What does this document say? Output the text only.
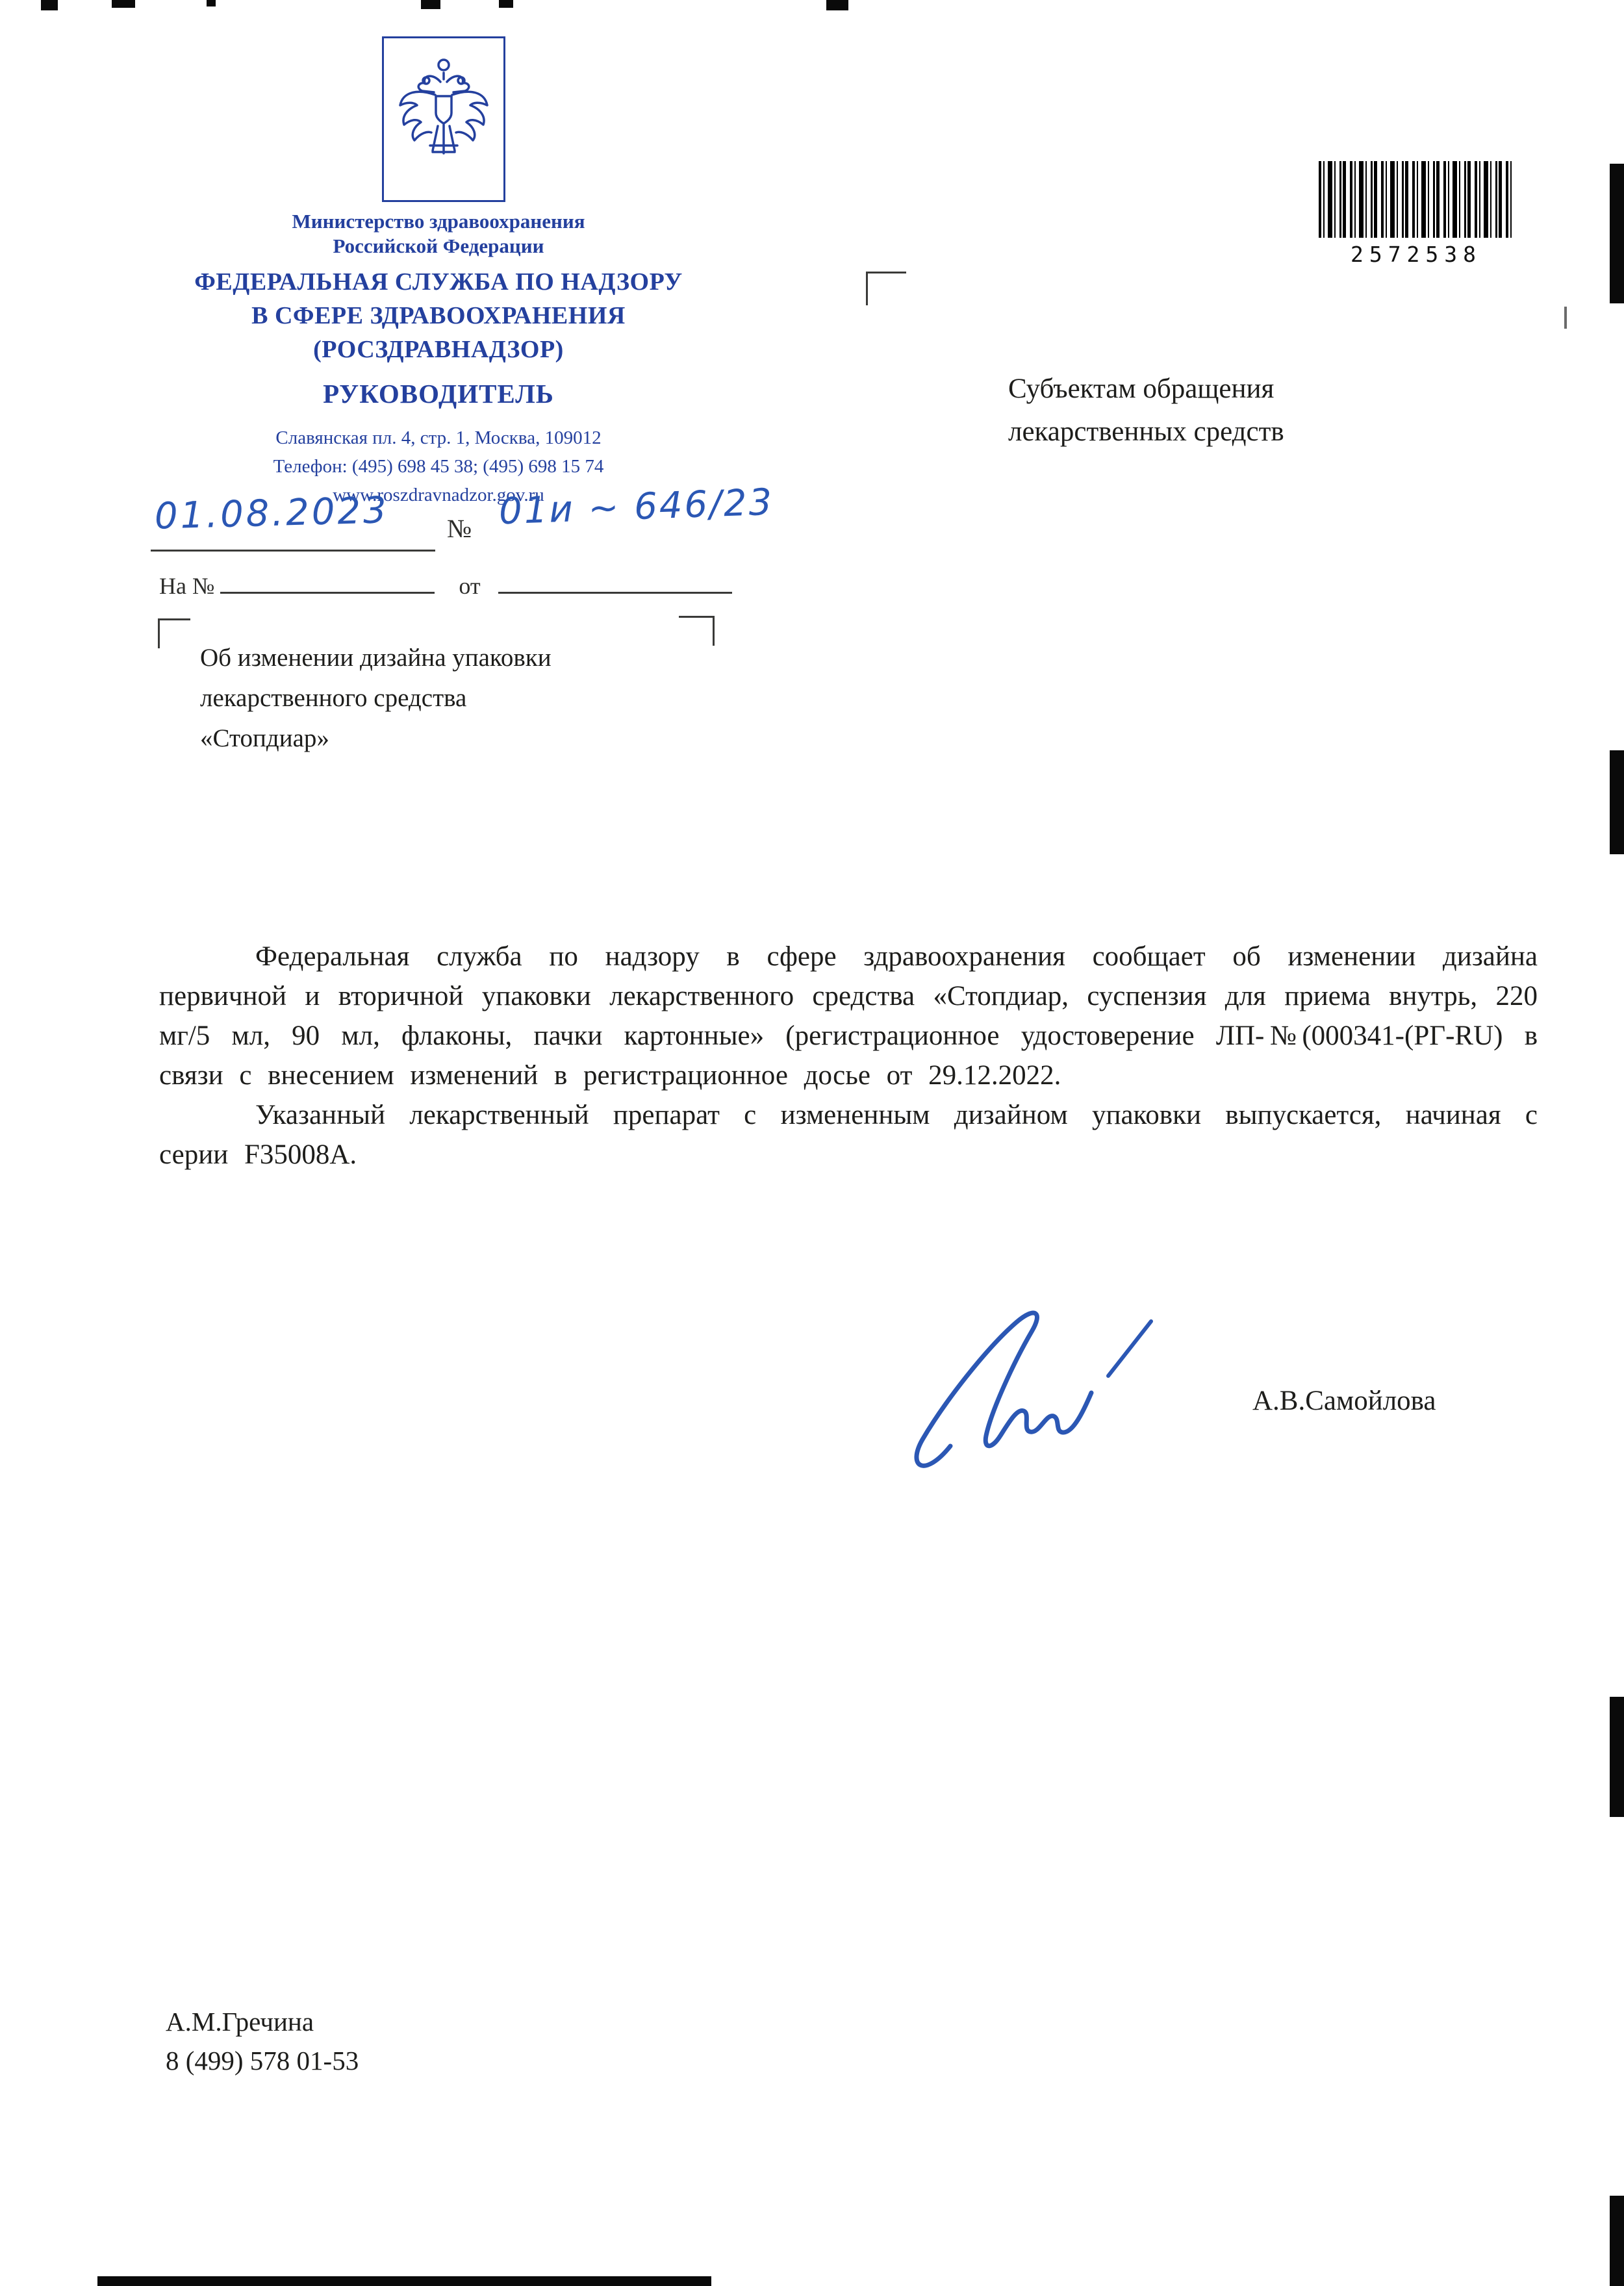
Министерство здравоохранения
Российской Федерации
ФЕДЕРАЛЬНАЯ СЛУЖБА ПО НАДЗОРУ
В СФЕРЕ ЗДРАВООХРАНЕНИЯ
(РОСЗДРАВНАДЗОР)
РУКОВОДИТЕЛЬ
Славянская пл. 4, стр. 1, Москва, 109012
Телефон: (495) 698 45 38; (495) 698 15 74
www.roszdravnadzor.gov.ru
01.08.2023 № 01и ~ 646/23
На №	от
Об изменении дизайна упаковки
лекарственного средства
«Стопдиар»
Субъектам обращения
лекарственных средств
2572538

Федеральная служба по надзору в сфере здравоохранения сообщает об изменении дизайна первичной и вторичной упаковки лекарственного средства «Стопдиар, суспензия для приема внутрь, 220 мг/5 мл, 90 мл, флаконы, пачки картонные» (регистрационное удостоверение ЛП-№(000341-(РГ-RU) в связи с внесением изменений в регистрационное досье от 29.12.2022.

Указанный лекарственный препарат с измененным дизайном упаковки выпускается, начиная с серии F35008A.

А.В.Самойлова
А.М.Гречина
8 (499) 578 01-53
